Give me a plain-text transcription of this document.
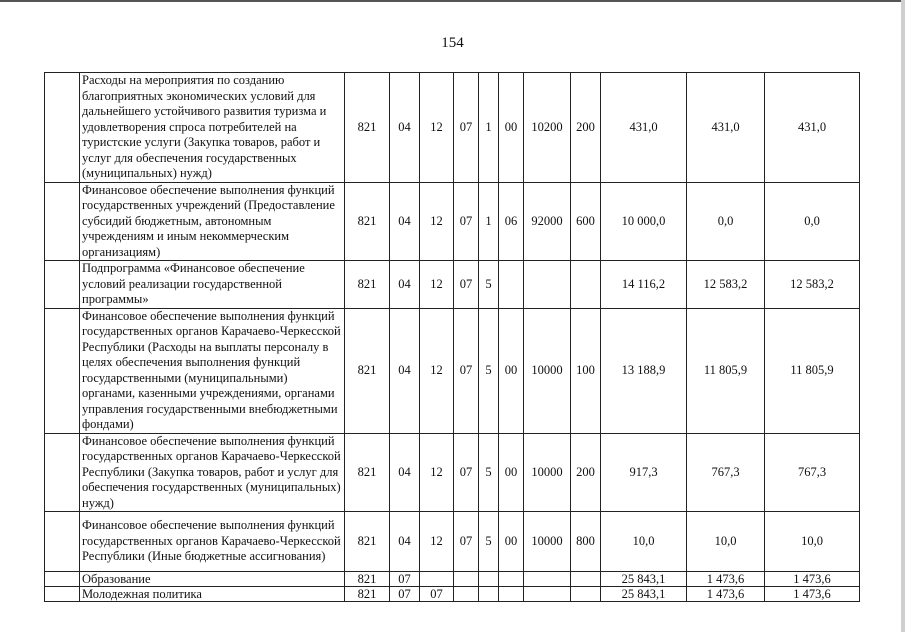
154
	Расходы на мероприятия по созданию благоприятных экономических условий для дальнейшего устойчивого развития туризма и удовлетворения спроса потребителей на туристские услуги (Закупка товаров, работ и услуг для обеспечения государственных (муниципальных) нужд)	821	04	12	07	1	00	10200	200	431,0	431,0	431,0
	Финансовое обеспечение выполнения функций государственных учреждений (Предоставление субсидий бюджетным, автономным учреждениям и иным некоммерческим организациям)	821	04	12	07	1	06	92000	600	10 000,0	0,0	0,0
	Подпрограмма «Финансовое обеспечение условий реализации государственной программы»	821	04	12	07	5				14 116,2	12 583,2	12 583,2
	Финансовое обеспечение выполнения функций государственных органов Карачаево-Черкесской Республики (Расходы на выплаты персоналу в целях обеспечения выполнения функций государственными (муниципальными) органами, казенными учреждениями, органами управления государственными внебюджетными фондами)	821	04	12	07	5	00	10000	100	13 188,9	11 805,9	11 805,9
	Финансовое обеспечение выполнения функций государственных органов Карачаево-Черкесской Республики (Закупка товаров, работ и услуг для обеспечения государственных (муниципальных) нужд)	821	04	12	07	5	00	10000	200	917,3	767,3	767,3
	Финансовое обеспечение выполнения функций государственных органов Карачаево-Черкесской Республики (Иные бюджетные ассигнования)	821	04	12	07	5	00	10000	800	10,0	10,0	10,0
	Образование	821	07							25 843,1	1 473,6	1 473,6
	Молодежная политика	821	07	07						25 843,1	1 473,6	1 473,6
